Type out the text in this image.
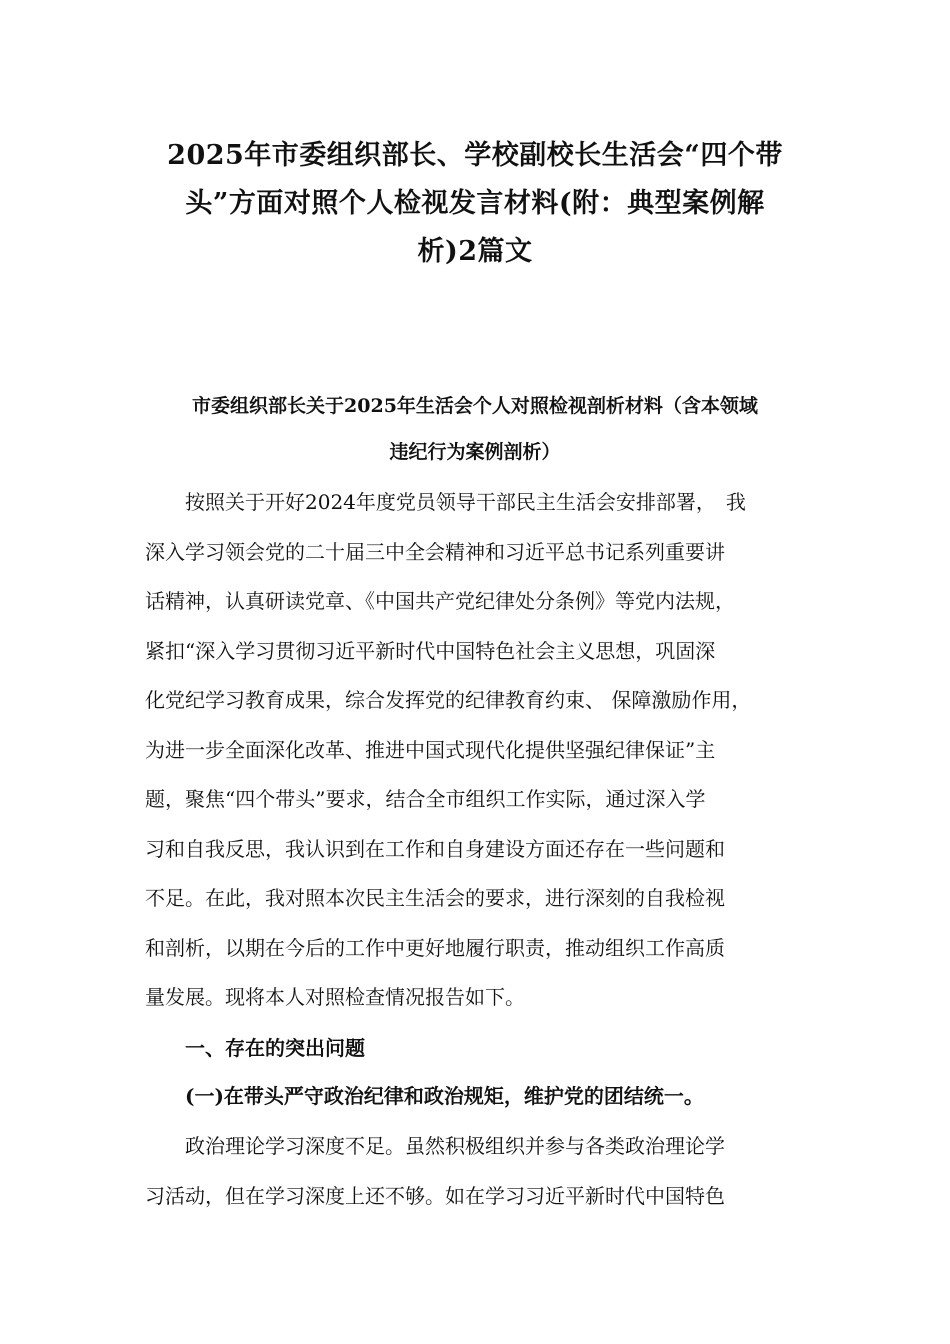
2025年市委组织部长、学校副校长生活会“四个带
头”方面对照个人检视发言材料(附：典型案例解
析)2篇文
市委组织部长关于2025年生活会个人对照检视剖析材料（含本领域
违纪行为案例剖析）
按照关于开好2024年度党员领导干部民主生活会安排部署，　我
深入学习领会党的二十届三中全会精神和习近平总书记系列重要讲
话精神，认真研读党章、《中国共产党纪律处分条例》等党内法规，
紧扣“深入学习贯彻习近平新时代中国特色社会主义思想，巩固深
化党纪学习教育成果，综合发挥党的纪律教育约束、 保障激励作用，
为进一步全面深化改革、推进中国式现代化提供坚强纪律保证”主
题，聚焦“四个带头”要求，结合全市组织工作实际，通过深入学
习和自我反思，我认识到在工作和自身建设方面还存在一些问题和
不足。在此，我对照本次民主生活会的要求，进行深刻的自我检视
和剖析，以期在今后的工作中更好地履行职责，推动组织工作高质
量发展。现将本人对照检查情况报告如下。
一、存在的突出问题
(一)在带头严守政治纪律和政治规矩，维护党的团结统一。
政治理论学习深度不足。虽然积极组织并参与各类政治理论学
习活动，但在学习深度上还不够。如在学习习近平新时代中国特色
